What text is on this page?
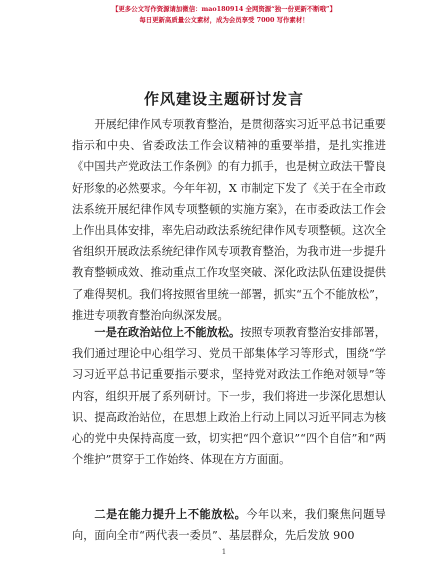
【更多公文写作资源请加微信：mao180914 全网资源“独一份更新不断哦”】
每日更新高质量公文素材，成为会员享受 7000 写作素材！
作风建设主题研讨发言

开展纪律作风专项教育整治，是贯彻落实习近平总书记重要指示和中央、省委政法工作会议精神的重要举措，是扎实推进《中国共产党政法工作条例》的有力抓手，也是树立政法干警良好形象的必然要求。今年年初，X 市制定下发了《关于在全市政法系统开展纪律作风专项整顿的实施方案》，在市委政法工作会上作出具体安排，率先启动政法系统纪律作风专项整顿。这次全省组织开展政法系统纪律作风专项教育整治，为我市进一步提升教育整顿成效、推动重点工作攻坚突破、深化政法队伍建设提供了难得契机。我们将按照省里统一部署，抓实“五个不能放松”，推进专项教育整治向纵深发展。

一是在政治站位上不能放松。按照专项教育整治安排部署，我们通过理论中心组学习、党员干部集体学习等形式，围绕“学习习近平总书记重要指示要求，坚持党对政法工作绝对领导”等内容，组织开展了系列研讨。下一步，我们将进一步深化思想认识、提高政治站位，在思想上政治上行动上同以习近平同志为核心的党中央保持高度一致，切实把“四个意识”“四个自信”和“两个维护”贯穿于工作始终、体现在方方面面。

二是在能力提升上不能放松。今年以来，我们聚焦问题导向，面向全市“两代表一委员”、基层群众，先后发放 900

1
